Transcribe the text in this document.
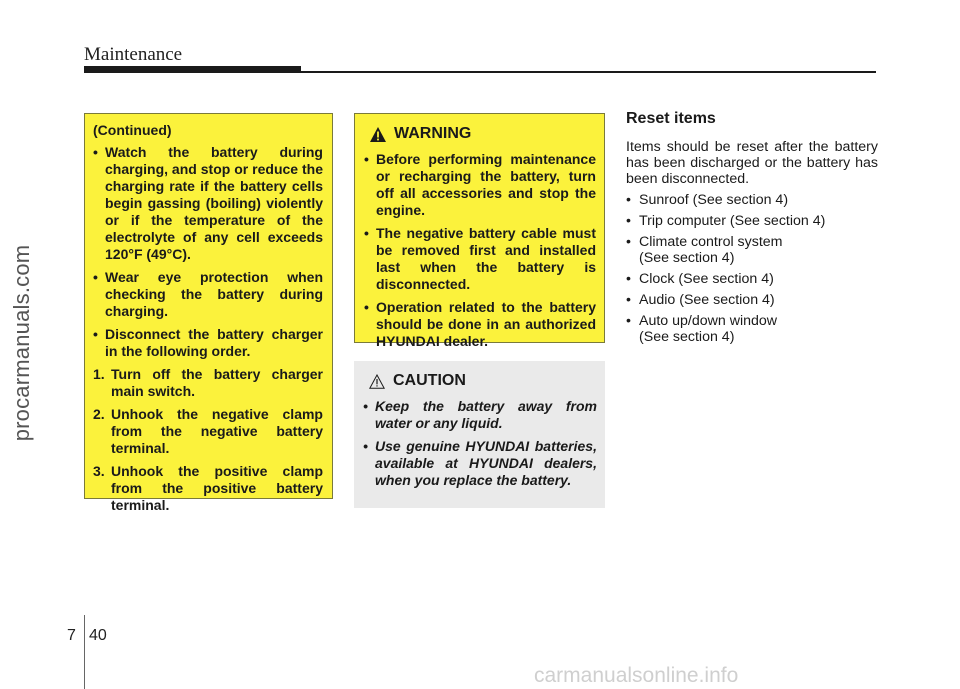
Maintenance
procarmanuals.com
(Continued)
• Watch the battery during charging, and stop or reduce the charging rate if the battery cells begin gassing (boiling) violently or if the temperature of the electrolyte of any cell exceeds 120°F (49°C).
• Wear eye protection when checking the battery during charging.
• Disconnect the battery charger in the following order.
1. Turn off the battery charger main switch.
2. Unhook the negative clamp from the negative battery terminal.
3. Unhook the positive clamp from the positive battery terminal.
WARNING
• Before performing maintenance or recharging the battery, turn off all accessories and stop the engine.
• The negative battery cable must be removed first and installed last when the battery is disconnected.
• Operation related to the battery should be done in an authorized HYUNDAI dealer.
CAUTION
• Keep the battery away from water or any liquid.
• Use genuine HYUNDAI batteries, available at HYUNDAI dealers, when you replace the battery.
Reset items

Items should be reset after the battery has been discharged or the battery has been disconnected.

• Sunroof (See section 4)
• Trip computer (See section 4)
• Climate control system
(See section 4)
• Clock (See section 4)
• Audio (See section 4)
• Auto up/down window
(See section 4)
7 40
carmanualsonline.info
